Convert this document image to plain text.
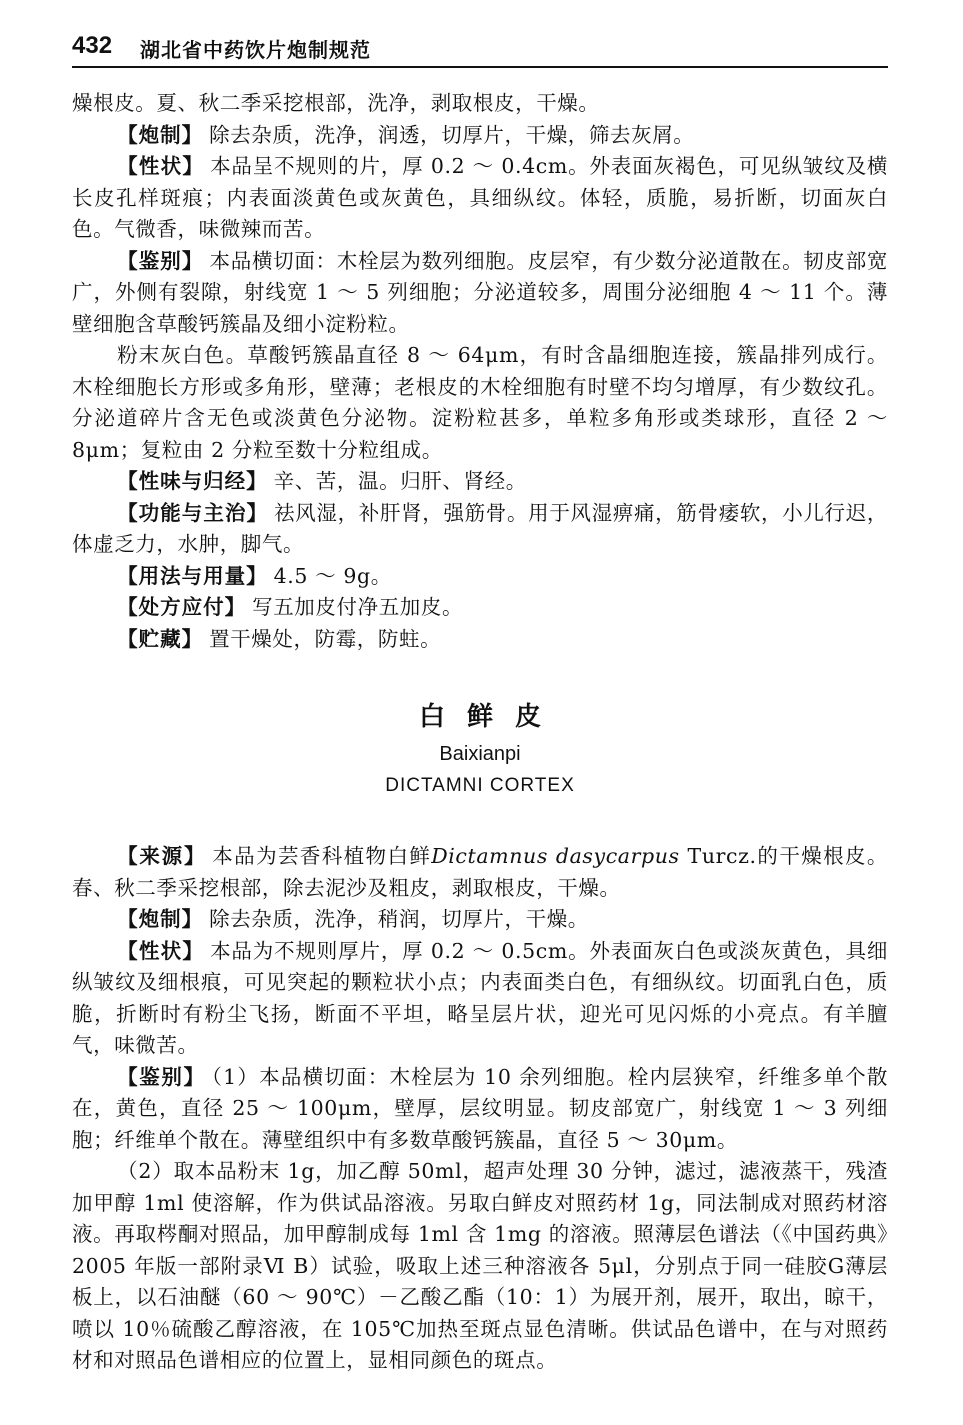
432 湖北省中药饮片炮制规范

燥根皮。夏、秋二季采挖根部，洗净，剥取根皮，干燥。

【炮制】 除去杂质，洗净，润透，切厚片，干燥，筛去灰屑。

【性状】 本品呈不规则的片，厚 0.2 ～ 0.4cm。外表面灰褐色，可见纵皱纹及横长皮孔样斑痕；内表面淡黄色或灰黄色，具细纵纹。体轻，质脆，易折断，切面灰白色。气微香，味微辣而苦。

【鉴别】 本品横切面：木栓层为数列细胞。皮层窄，有少数分泌道散在。韧皮部宽广，外侧有裂隙，射线宽 1 ～ 5 列细胞；分泌道较多，周围分泌细胞 4 ～ 11 个。薄壁细胞含草酸钙簇晶及细小淀粉粒。

粉末灰白色。草酸钙簇晶直径 8 ～ 64μm，有时含晶细胞连接，簇晶排列成行。木栓细胞长方形或多角形，壁薄；老根皮的木栓细胞有时壁不均匀增厚，有少数纹孔。分泌道碎片含无色或淡黄色分泌物。淀粉粒甚多，单粒多角形或类球形，直径 2 ～ 8μm；复粒由 2 分粒至数十分粒组成。

【性味与归经】 辛、苦，温。归肝、肾经。

【功能与主治】 祛风湿，补肝肾，强筋骨。用于风湿痹痛，筋骨痿软，小儿行迟，体虚乏力，水肿，脚气。

【用法与用量】 4.5 ～ 9g。

【处方应付】 写五加皮付净五加皮。

【贮藏】 置干燥处，防霉，防蛀。

白鲜皮
Baixianpi
DICTAMNI CORTEX

【来源】 本品为芸香科植物白鲜Dictamnus dasycarpus Turcz.的干燥根皮。春、秋二季采挖根部，除去泥沙及粗皮，剥取根皮，干燥。

【炮制】 除去杂质，洗净，稍润，切厚片，干燥。

【性状】 本品为不规则厚片，厚 0.2 ～ 0.5cm。外表面灰白色或淡灰黄色，具细纵皱纹及细根痕，可见突起的颗粒状小点；内表面类白色，有细纵纹。切面乳白色，质脆，折断时有粉尘飞扬，断面不平坦，略呈层片状，迎光可见闪烁的小亮点。有羊膻气，味微苦。

【鉴别】 （1）本品横切面：木栓层为 10 余列细胞。栓内层狭窄，纤维多单个散在，黄色，直径 25 ～ 100μm，壁厚，层纹明显。韧皮部宽广，射线宽 1 ～ 3 列细胞；纤维单个散在。薄壁组织中有多数草酸钙簇晶，直径 5 ～ 30μm。

（2）取本品粉末 1g，加乙醇 50ml，超声处理 30 分钟，滤过，滤液蒸干，残渣加甲醇 1ml 使溶解，作为供试品溶液。另取白鲜皮对照药材 1g，同法制成对照药材溶液。再取梣酮对照品，加甲醇制成每 1ml 含 1mg 的溶液。照薄层色谱法（《中国药典》2005 年版一部附录Ⅵ B）试验，吸取上述三种溶液各 5μl，分别点于同一硅胶G薄层板上，以石油醚（60 ～ 90℃）－乙酸乙酯（10：1）为展开剂，展开，取出，晾干，喷以 10％硫酸乙醇溶液，在 105℃加热至斑点显色清晰。供试品色谱中，在与对照药材和对照品色谱相应的位置上，显相同颜色的斑点。
